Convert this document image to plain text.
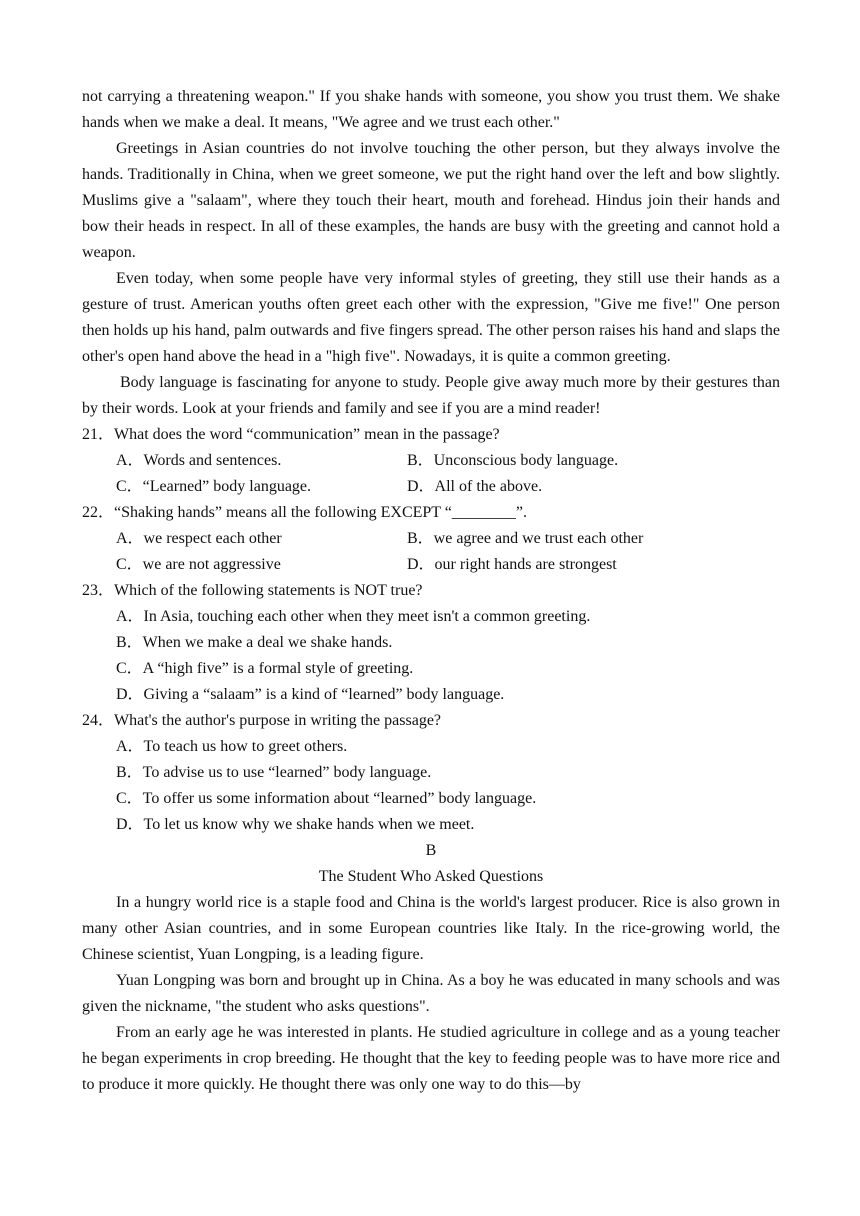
not carrying a threatening weapon." If you shake hands with someone, you show you trust them. We shake hands when we make a deal. It means, "We agree and we trust each other."

Greetings in Asian countries do not involve touching the other person, but they always involve the hands. Traditionally in China, when we greet someone, we put the right hand over the left and bow slightly. Muslims give a "salaam", where they touch their heart, mouth and forehead. Hindus join their hands and bow their heads in respect. In all of these examples, the hands are busy with the greeting and cannot hold a weapon.

Even today, when some people have very informal styles of greeting, they still use their hands as a gesture of trust. American youths often greet each other with the expression, "Give me five!" One person then holds up his hand, palm outwards and five fingers spread. The other person raises his hand and slaps the other's open hand above the head in a "high five". Nowadays, it is quite a common greeting.

Body language is fascinating for anyone to study. People give away much more by their gestures than by their words. Look at your friends and family and see if you are a mind reader!

21．What does the word “communication” mean in the passage?

A．Words and sentences.	B．Unconscious body language.

C．“Learned” body language.	D．All of the above.

22．“Shaking hands” means all the following EXCEPT “________”.

A．we respect each other	B．we agree and we trust each other

C．we are not aggressive	D．our right hands are strongest

23．Which of the following statements is NOT true?

A．In Asia, touching each other when they meet isn't a common greeting.

B．When we make a deal we shake hands.

C．A “high five” is a formal style of greeting.

D．Giving a “salaam” is a kind of “learned” body language.

24．What's the author's purpose in writing the passage?

A．To teach us how to greet others.

B．To advise us to use “learned” body language.

C．To offer us some information about “learned” body language.

D．To let us know why we shake hands when we meet.

B

The Student Who Asked Questions

In a hungry world rice is a staple food and China is the world's largest producer. Rice is also grown in many other Asian countries, and in some European countries like Italy. In the rice-growing world, the Chinese scientist, Yuan Longping, is a leading figure.

Yuan Longping was born and brought up in China. As a boy he was educated in many schools and was given the nickname, "the student who asks questions".

From an early age he was interested in plants. He studied agriculture in college and as a young teacher he began experiments in crop breeding. He thought that the key to feeding people was to have more rice and to produce it more quickly. He thought there was only one way to do this—by
